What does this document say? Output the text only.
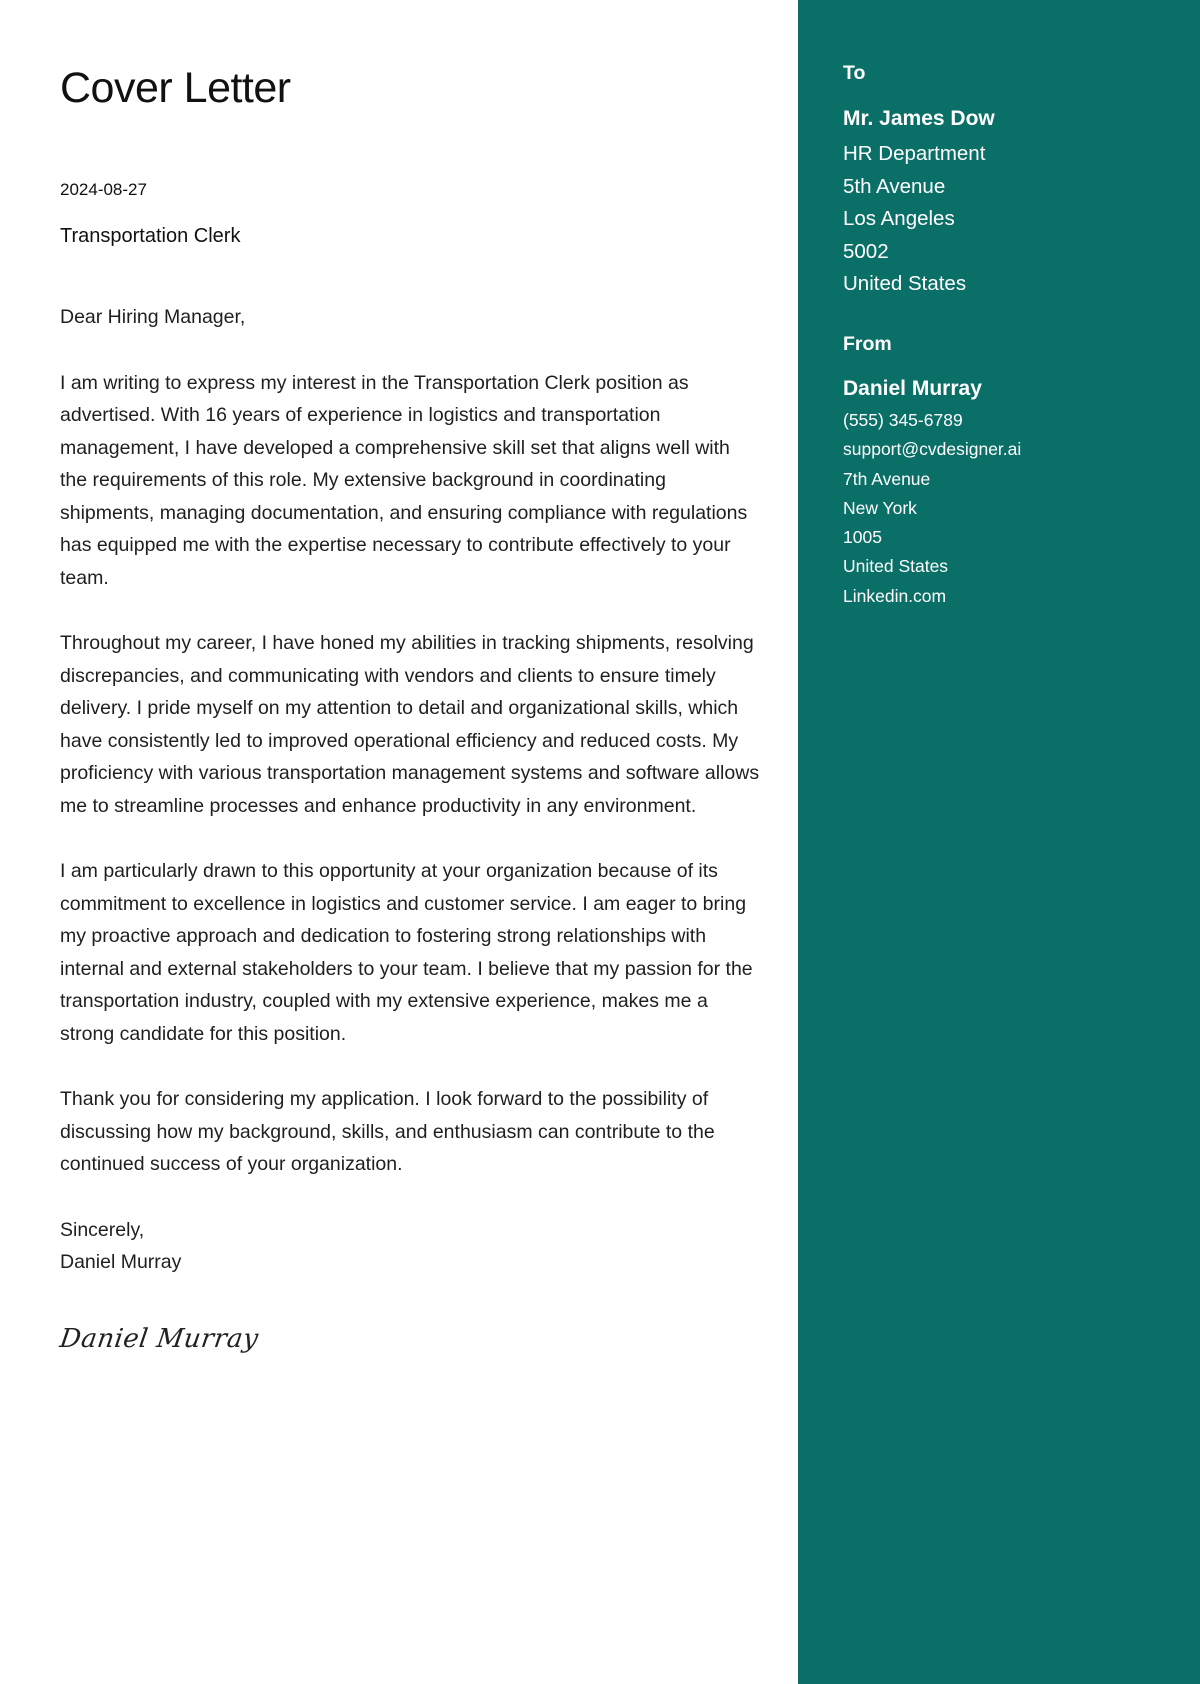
Cover Letter
2024-08-27
Transportation Clerk

Dear Hiring Manager,

I am writing to express my interest in the Transportation Clerk position as advertised. With 16 years of experience in logistics and transportation management, I have developed a comprehensive skill set that aligns well with the requirements of this role. My extensive background in coordinating shipments, managing documentation, and ensuring compliance with regulations has equipped me with the expertise necessary to contribute effectively to your team.

Throughout my career, I have honed my abilities in tracking shipments, resolving discrepancies, and communicating with vendors and clients to ensure timely delivery. I pride myself on my attention to detail and organizational skills, which have consistently led to improved operational efficiency and reduced costs. My proficiency with various transportation management systems and software allows me to streamline processes and enhance productivity in any environment.

I am particularly drawn to this opportunity at your organization because of its commitment to excellence in logistics and customer service. I am eager to bring my proactive approach and dedication to fostering strong relationships with internal and external stakeholders to your team. I believe that my passion for the transportation industry, coupled with my extensive experience, makes me a strong candidate for this position.

Thank you for considering my application. I look forward to the possibility of discussing how my background, skills, and enthusiasm can contribute to the continued success of your organization.

Sincerely,
Daniel Murray
Daniel Murray
To
Mr. James Dow
HR Department
5th Avenue
Los Angeles
5002
United States
From
Daniel Murray
(555) 345-6789
support@cvdesigner.ai
7th Avenue
New York
1005
United States
Linkedin.com
